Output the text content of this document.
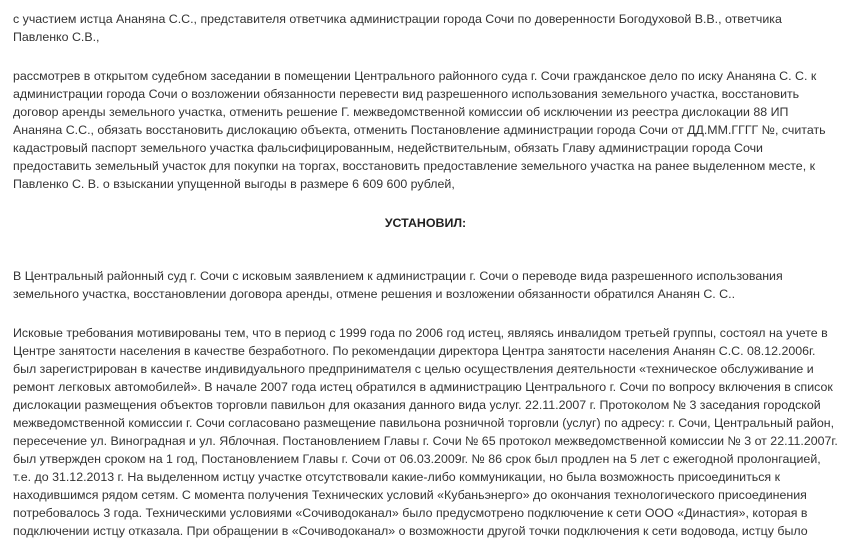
с участием истца Ананяна С.С., представителя ответчика администрации города Сочи по доверенности Богодуховой В.В., ответчика Павленко С.В.,

рассмотрев в открытом судебном заседании в помещении Центрального районного суда г. Сочи гражданское дело по иску Ананяна С. С. к администрации города Сочи о возложении обязанности перевести вид разрешенного использования земельного участка, восстановить договор аренды земельного участка, отменить решение Г. межведомственной комиссии об исключении из реестра дислокации 88 ИП Ананяна С.С., обязать восстановить дислокацию объекта, отменить Постановление администрации города Сочи от ДД.ММ.ГГГГ №, считать кадастровый паспорт земельного участка фальсифицированным, недействительным, обязать Главу администрации города Сочи предоставить земельный участок для покупки на торгах, восстановить предоставление земельного участка на ранее выделенном месте, к Павленко С. В. о взыскании упущенной выгоды в размере 6 609 600 рублей,

УСТАНОВИЛ:

В Центральный районный суд г. Сочи с исковым заявлением к администрации г. Сочи о переводе вида разрешенного использования земельного участка, восстановлении договора аренды, отмене решения и возложении обязанности обратился Ананян С. С..

Исковые требования мотивированы тем, что в период с 1999 года по 2006 год истец, являясь инвалидом третьей группы, состоял на учете в Центре занятости населения в качестве безработного. По рекомендации директора Центра занятости населения Ананян С.С. 08.12.2006г. был зарегистрирован в качестве индивидуального предпринимателя с целью осуществления деятельности «техническое обслуживание и ремонт легковых автомобилей». В начале 2007 года истец обратился в администрацию Центрального г. Сочи по вопросу включения в список дислокации размещения объектов торговли павильон для оказания данного вида услуг. 22.11.2007 г. Протоколом № 3 заседания городской межведомственной комиссии г. Сочи согласовано размещение павильона розничной торговли (услуг) по адресу: г. Сочи, Центральный район, пересечение ул. Виноградная и ул. Яблочная. Постановлением Главы г. Сочи № 65 протокол межведомственной комиссии № 3 от 22.11.2007г. был утвержден сроком на 1 год, Постановлением Главы г. Сочи от 06.03.2009г. № 86 срок был продлен на 5 лет с ежегодной пролонгацией, т.е. до 31.12.2013 г. На выделенном истцу участке отсутствовали какие-либо коммуникации, но была возможность присоединиться к находившимся рядом сетям. С момента получения Технических условий «Кубаньэнерго» до окончания технологического присоединения потребовалось 3 года. Техническими условиями «Сочиводоканал» было предусмотрено подключение к сети ООО «Династия», которая в подключении истцу отказала. При обращении в «Сочиводоканал» о возможности другой точки подключения к сети водовода, истцу было
